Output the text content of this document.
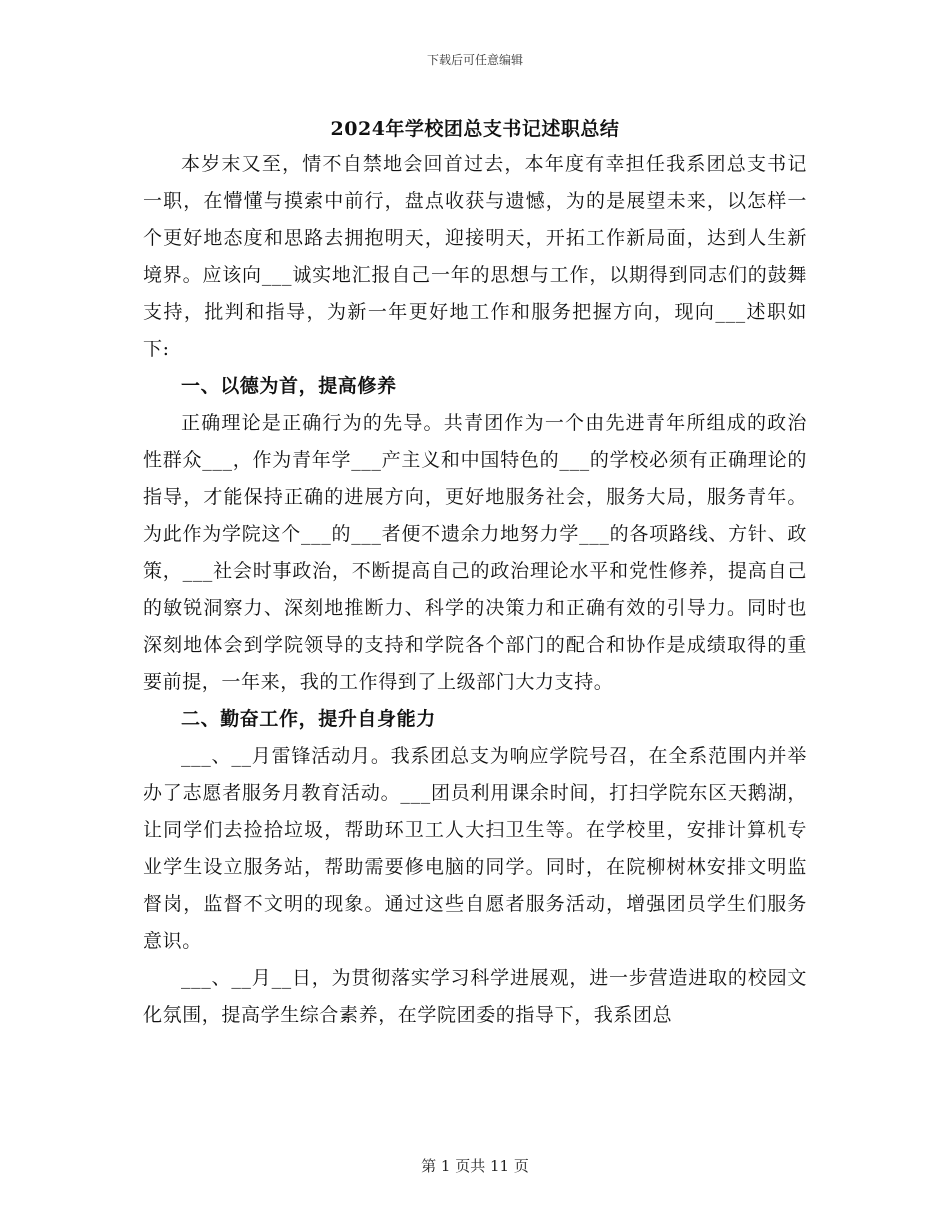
下载后可任意编辑
2024年学校团总支书记述职总结

本岁末又至，情不自禁地会回首过去，本年度有幸担任我系团总支书记一职，在懵懂与摸索中前行，盘点收获与遗憾，为的是展望未来，以怎样一个更好地态度和思路去拥抱明天，迎接明天，开拓工作新局面，达到人生新境界。应该向___诚实地汇报自己一年的思想与工作，以期得到同志们的鼓舞支持，批判和指导，为新一年更好地工作和服务把握方向，现向___述职如下:

一、以德为首，提高修养

正确理论是正确行为的先导。共青团作为一个由先进青年所组成的政治性群众___，作为青年学___产主义和中国特色的___的学校必须有正确理论的指导，才能保持正确的进展方向，更好地服务社会，服务大局，服务青年。为此作为学院这个___的___者便不遗余力地努力学___的各项路线、方针、政策，___社会时事政治，不断提高自己的政治理论水平和党性修养，提高自己的敏锐洞察力、深刻地推断力、科学的决策力和正确有效的引导力。同时也深刻地体会到学院领导的支持和学院各个部门的配合和协作是成绩取得的重要前提，一年来，我的工作得到了上级部门大力支持。

二、勤奋工作，提升自身能力

___、__月雷锋活动月。我系团总支为响应学院号召，在全系范围内并举办了志愿者服务月教育活动。___团员利用课余时间，打扫学院东区天鹅湖，让同学们去捡拾垃圾，帮助环卫工人大扫卫生等。在学校里，安排计算机专业学生设立服务站，帮助需要修电脑的同学。同时，在院柳树林安排文明监督岗，监督不文明的现象。通过这些自愿者服务活动，增强团员学生们服务意识。

___、__月__日，为贯彻落实学习科学进展观，进一步营造进取的校园文化氛围，提高学生综合素养，在学院团委的指导下，我系团总

第 1 页共 11 页
